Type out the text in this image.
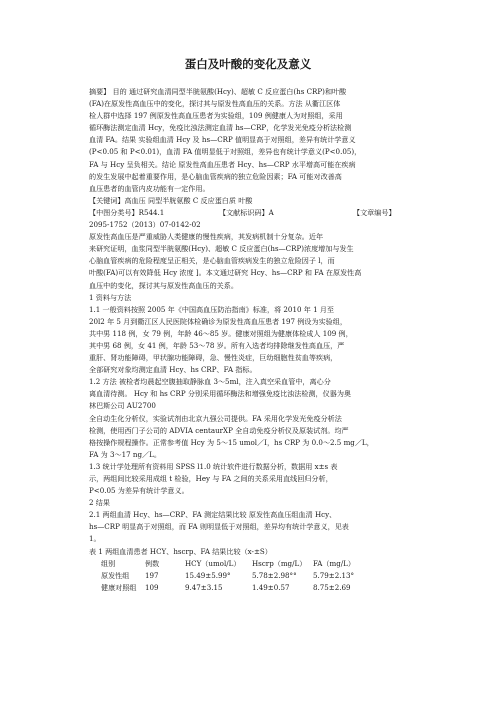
蛋白及叶酸的变化及意义
摘要】 目的 通过研究血清同型半胱氨酸(Hcy)、超敏 C 反应蛋白(hs CRP)和叶酸
(FA)在原发性高血压中的变化，探讨其与原发性高血压的关系。方法 从衢江区体
检人群中选择 197 例原发性高血压患者为实验组，109 例健康人为对照组，采用
循环酶法测定血清 Hcy，免疫比浊法测定血清 hs—CRP，化学发光免疫分析法检测
血清 FA。结果 实验组血清 Hcy 及 hs—CRP 值明显高于对照组，差异有统计学意义
(P<0.05 和 P<0.01)，血清 FA 值明显低于对照组，差异也有统计学意义(P<0.05)，
FA 与 Hcy 呈负相关。结论 原发性高血压患者 Hcy、hs—CRP 水平增高可能在疾病
的发生发展中起着重要作用，是心脑血管疾病的独立危险因素；FA 可能对改善高
血压患者的血管内皮功能有一定作用。
【关键词】高血压 同型半胱氨酸 C 反应蛋白质 叶酸
【中图分类号】R544.1	【文献标识码】A	【文章编号】
2095-1752（2013）07-0142-02
原发性高血压是严重威胁人类健康的慢性疾病，其发病机制十分复杂。近年
来研究证明，血浆同型半胱氨酸(Hcy)、超敏 C 反应蛋白(hs—CRP)浓度增加与发生
心脑血管疾病的危险程度呈正相关，是心脑血管疾病发生的独立危险因子 l，而
叶酸(FA)可以有效降低 Hcy 浓度 ]。本文通过研究 Hcy、hs—CRP 和 FA 在原发性高
血压中的变化，探讨其与原发性高血压的关系。
1 资料与方法
1.1 一般资料按照 2005 年《中国高血压防治指南》标准，将 2010 年 1 月至
20l2 年 5 月到衢江区人民医院体检确诊为原发性高血压患者 197 例设为实验组，
共中男 118 例，女 79 例，年龄 46～85 岁。健康对照组为健康体检成人 109 例，
其中男 68 例，女 41 例，年龄 53～78 岁。所有入选者均排除继发性高血压，严
重肝、肾功能障碍，甲状腺功能障碍，急、慢性炎症，巨幼细胞性贫血等疾病，
全部研究对象均测定血清 Hcy、hs CRP、FA 指标。
1.2 方法 被检者均晨起空腹抽取静脉血 3～5ml，注入真空采血管中，离心分
离血清待测。 Hcy 和 hs CRP 分别采用循环酶法和增强免疫比浊法检测，仪器为奥
林巴斯公司 AU2700
全自动生化分析仪，实验试剂由北京九强公司提供。FA 采用化学发光免疫分析法
检测，使用西门子公司的 ADVIA centaurXP 全自动免疫分析仪及原装试剂。均严
格按操作规程操作。正常参考值 Hcy 为 5～15 umol／I，hs CRP 为 0.0～2.5 mg／L，
FA 为 3～17 ng／L。
1.3 统计学处理所有资料用 SPSS l1.0 统计软件进行数据分析，数据用 x±s 表
示，两组间比较采用成组 t 检验，Hey 与 FA 之间的关系采用直线回归分析，
P<0.05 为差异有统计学意义。
2 结果
2.1 两组血清 Hcy、hs—CRP、FA 测定结果比较 原发性高血压组血清 Hcy、
hs—CRP 明显高于对照组，而 FA 则明显低于对照组，差异均有统计学意义，见表
1。
表 1 两组血清患者 HCY、hscrp、FA 结果比较（x-±S）
组别	例数	HCY（umol/L） Hscrp（mg/L） FA（mg/L）
原发性组 197	15.49±5.99°	5.78±2.98°° 5.79±2.13°
健康对照组 109	9.47±3.15	1.49±0.57	8.75±2.69
